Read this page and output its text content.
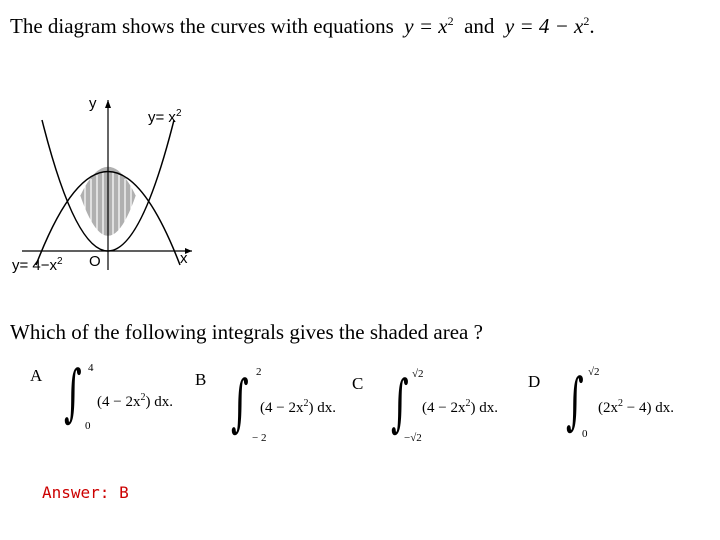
The diagram shows the curves with equations $y = x^2$ and $y = 4 - x^2$.
y
x
O
$y= x^2$
$y= 4-x^2$
Which of the following integrals gives the shaded area ?
A ∫ 4
0
$(4 - 2x^2)$ dx.
B ∫ 2
− 2
$(4 - 2x^2)$ dx.
C ∫ √2
−√2
$(4 - 2x^2)$ dx.
D ∫ √2
0
$(2x^2 - 4)$ dx.
Answer: B
